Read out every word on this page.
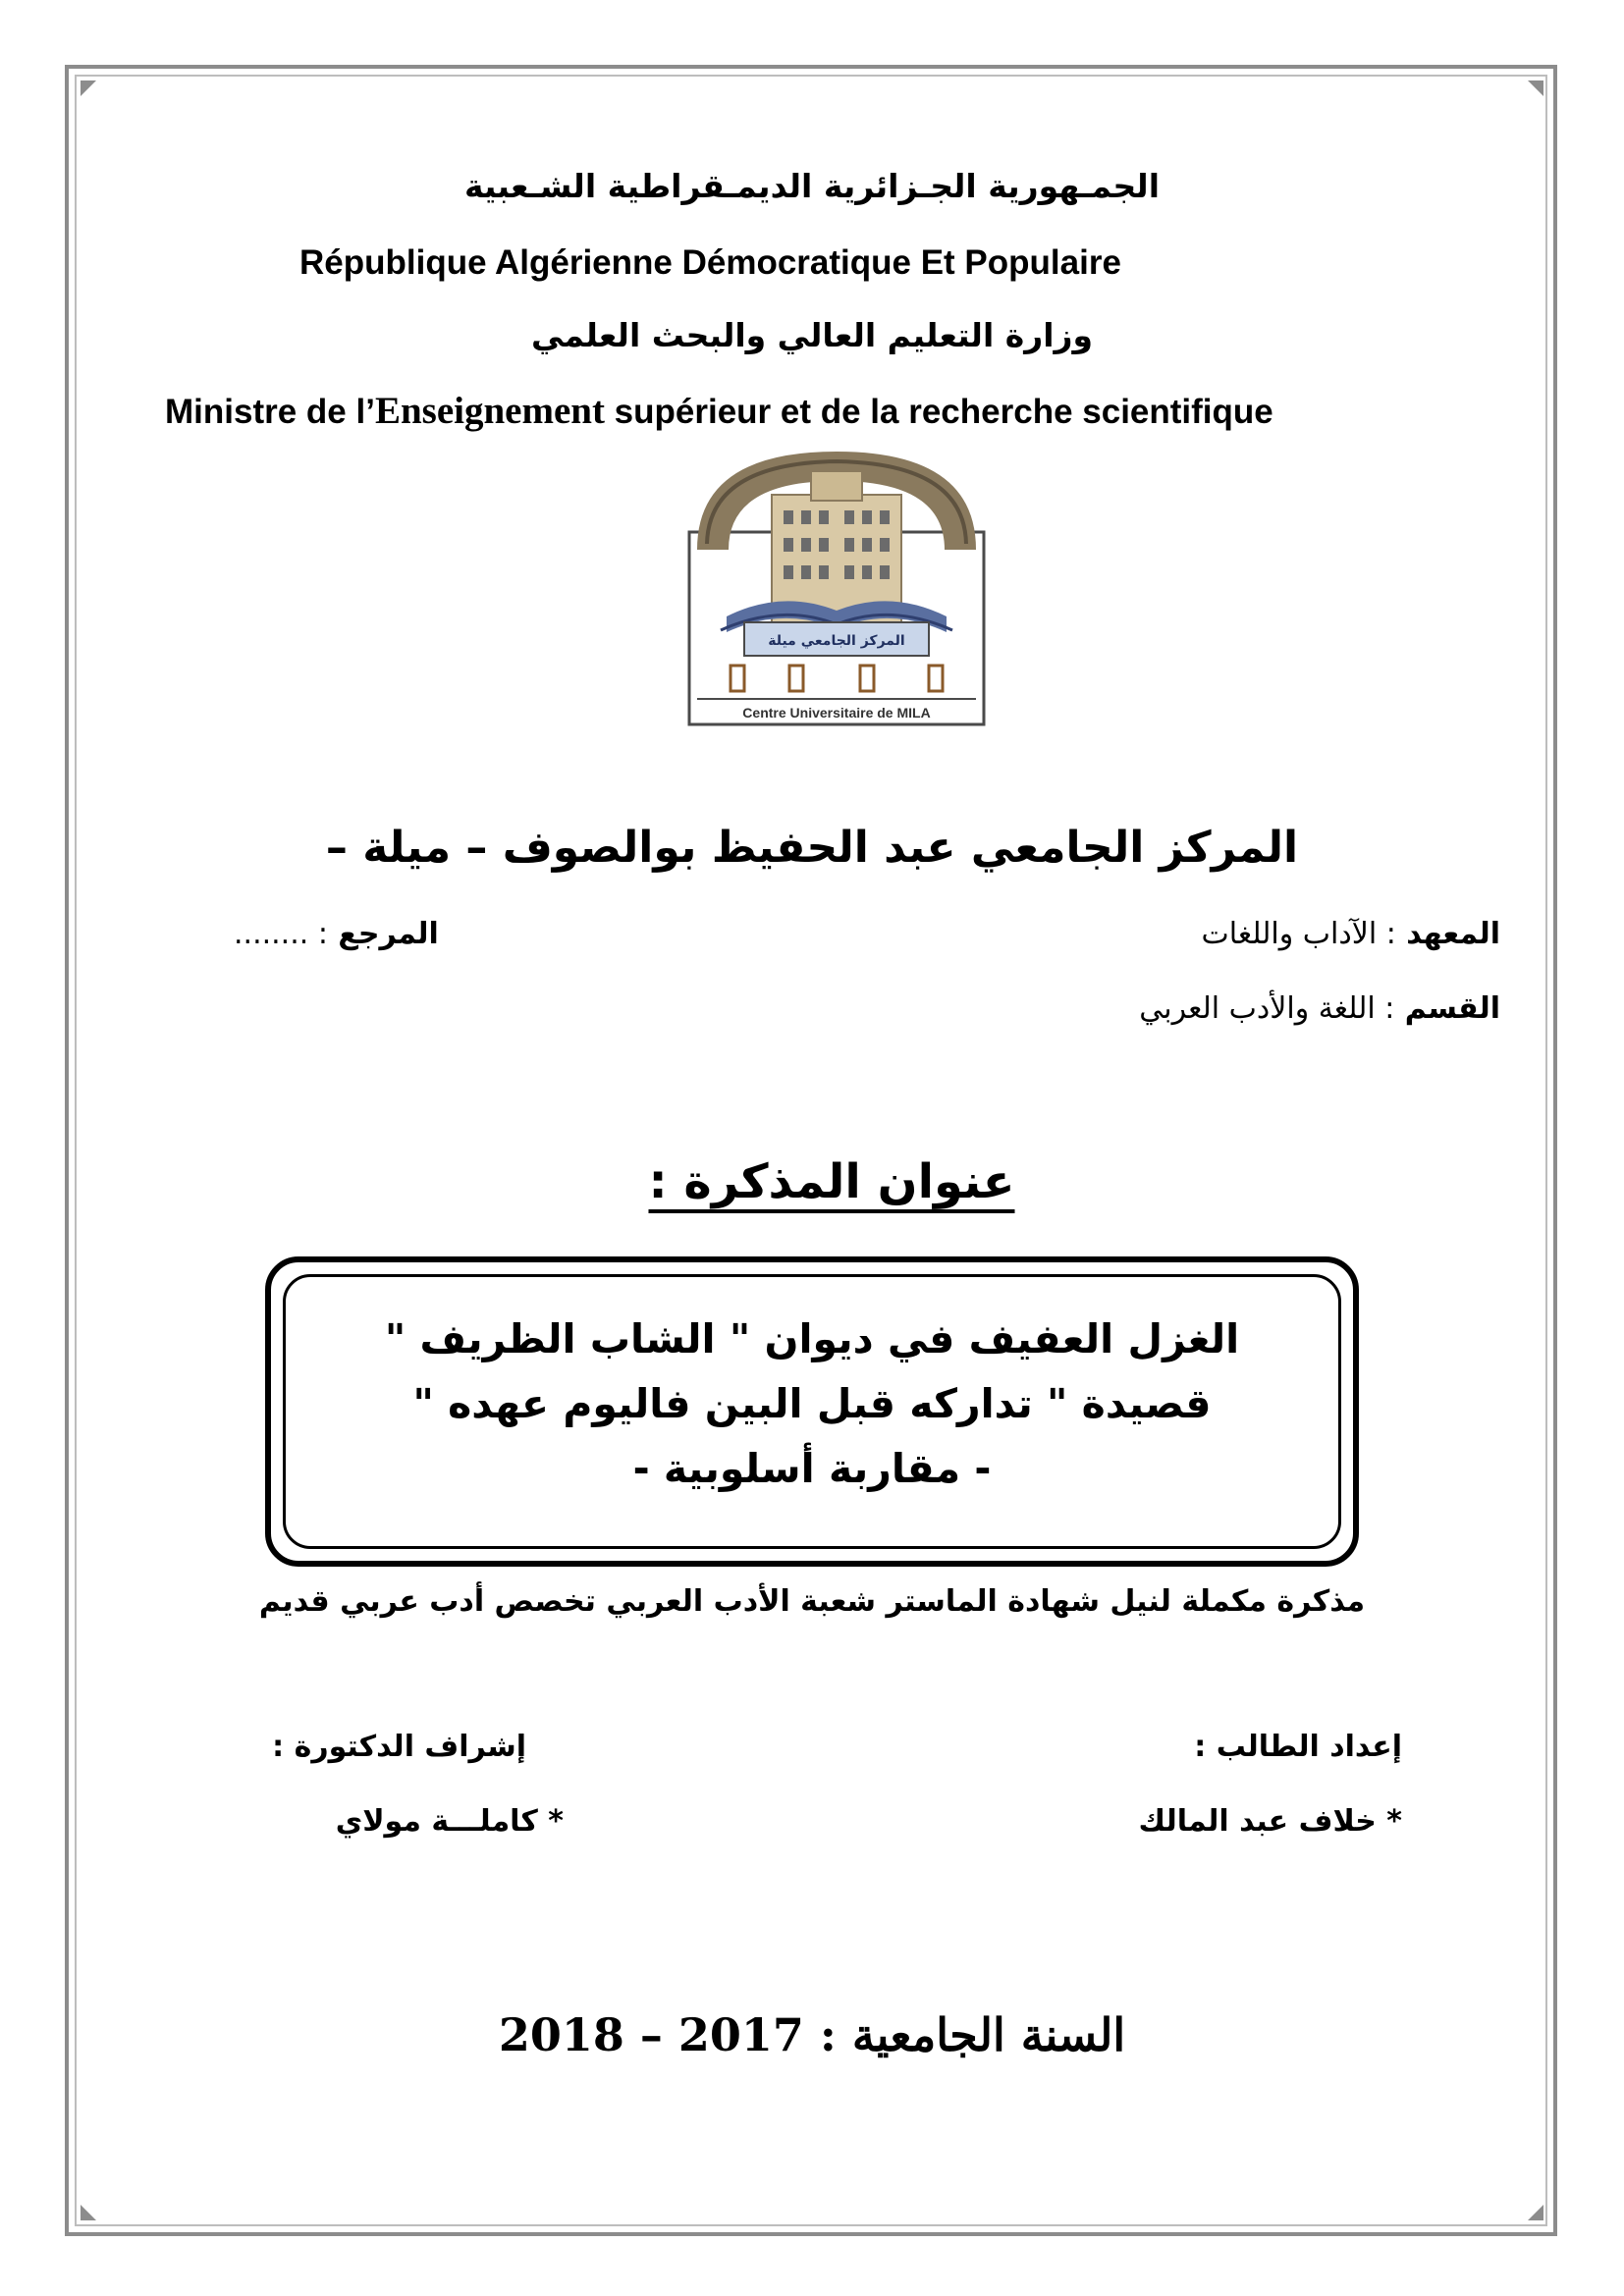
الجمـهورية الجـزائرية الديمـقراطية الشـعبية
République Algérienne Démocratique Et Populaire
وزارة التعليم العالي والبحث العلمي
Ministre de l’Enseignement supérieur et de la recherche scientifique
المركز الجامعي ميلة
Centre Universitaire de MILA
المركز الجامعي عبد الحفيظ بوالصوف – ميلة –
المعهد : الآداب واللغات
المرجع : ........
القسم : اللغة والأدب العربي
عنوان المذكرة :
الغزل العفيف في ديوان " الشاب الظريف "
قصيدة " تداركه قبل البين فاليوم عهده "
- مقاربة أسلوبية -
مذكرة مكملة لنيل شهادة الماستر شعبة الأدب العربي تخصص أدب عربي قديم
إعداد الطالب :
إشراف الدكتورة :
* خلاف عبد المالك
* كاملـــة مولاي
السنة الجامعية : 2017 – 2018
